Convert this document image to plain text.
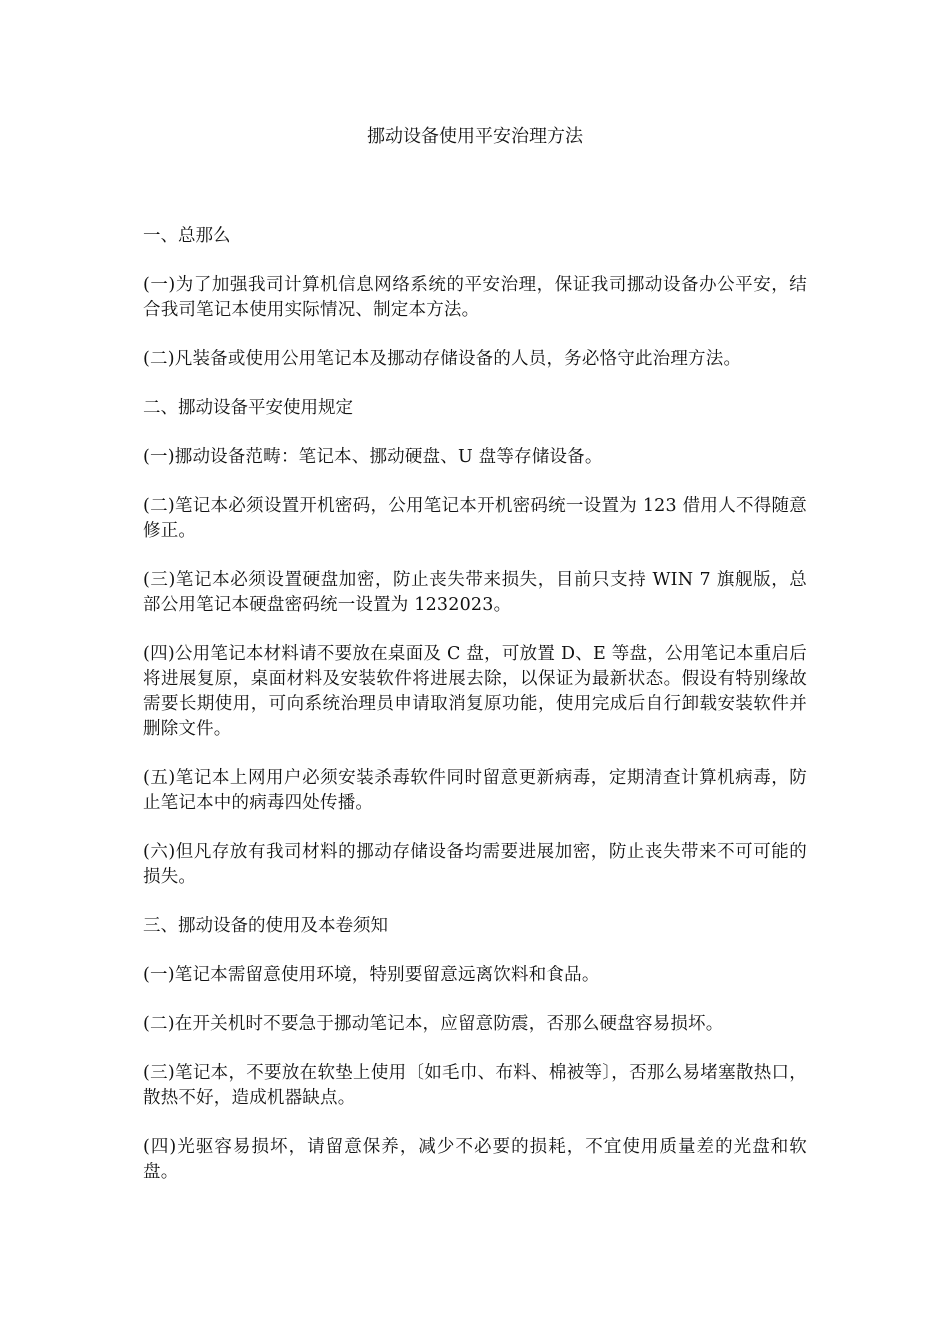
挪动设备使用平安治理方法
一、总那么

(一)为了加强我司计算机信息网络系统的平安治理，保证我司挪动设备办公平安，结合我司笔记本使用实际情况、制定本方法。

(二)凡装备或使用公用笔记本及挪动存储设备的人员，务必恪守此治理方法。

二、挪动设备平安使用规定

(一)挪动设备范畴：笔记本、挪动硬盘、U 盘等存储设备。

(二)笔记本必须设置开机密码，公用笔记本开机密码统一设置为 123 借用人不得随意修正。

(三)笔记本必须设置硬盘加密，防止丧失带来损失，目前只支持 WIN 7 旗舰版，总部公用笔记本硬盘密码统一设置为 1232023。

(四)公用笔记本材料请不要放在桌面及 C 盘，可放置 D、E 等盘，公用笔记本重启后将进展复原，桌面材料及安装软件将进展去除，以保证为最新状态。假设有特别缘故需要长期使用，可向系统治理员申请取消复原功能，使用完成后自行卸载安装软件并删除文件。

(五)笔记本上网用户必须安装杀毒软件同时留意更新病毒，定期清查计算机病毒，防止笔记本中的病毒四处传播。

(六)但凡存放有我司材料的挪动存储设备均需要进展加密，防止丧失带来不可可能的损失。

三、挪动设备的使用及本卷须知

(一)笔记本需留意使用环境，特别要留意远离饮料和食品。

(二)在开关机时不要急于挪动笔记本，应留意防震，否那么硬盘容易损坏。

(三)笔记本，不要放在软垫上使用〔如毛巾、布料、棉被等〕，否那么易堵塞散热口，散热不好，造成机器缺点。

(四)光驱容易损坏，请留意保养，减少不必要的损耗，不宜使用质量差的光盘和软盘。
